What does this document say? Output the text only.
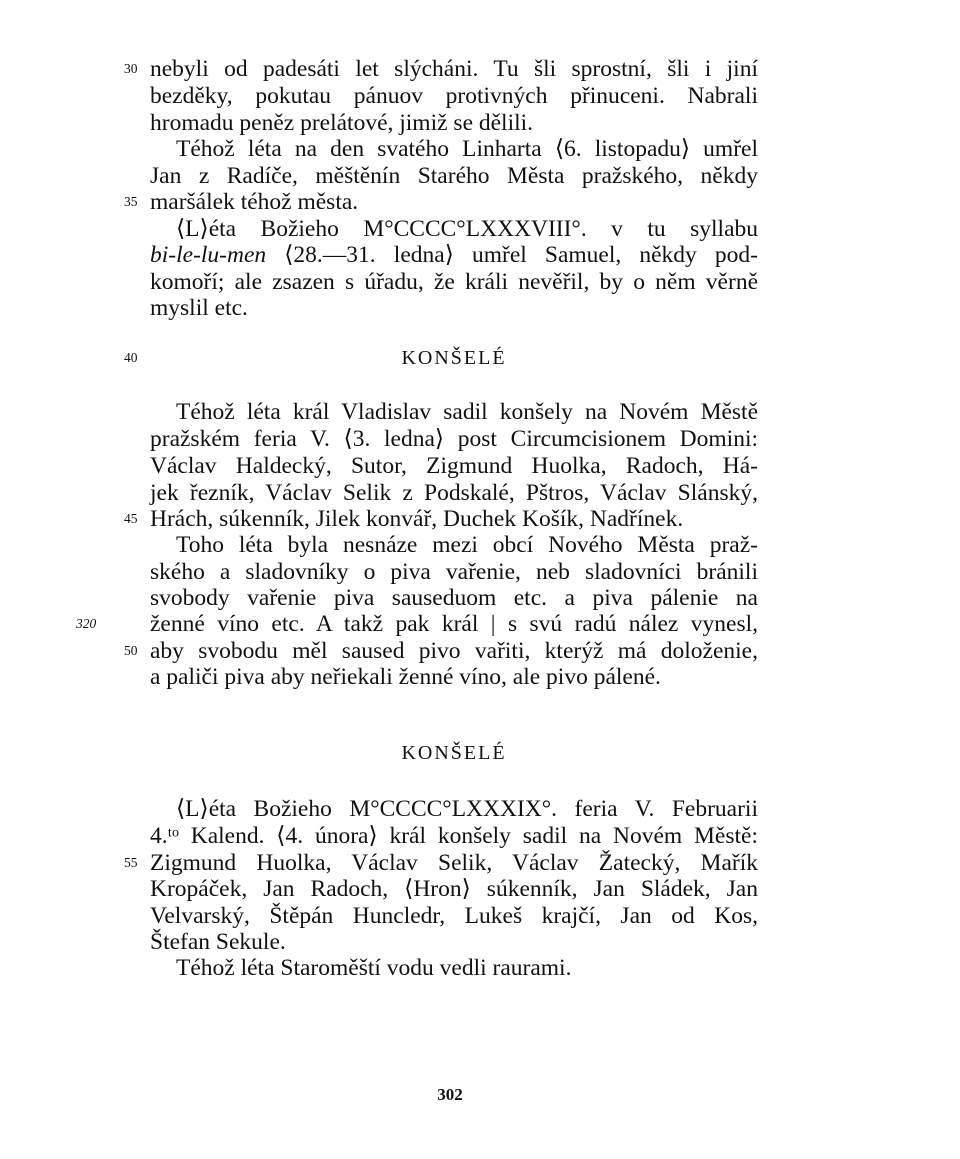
30 nebyli od padesáti let slýcháni. Tu šli sprostní, šli i jiní
bezděky, pokutau pánuov protivných přinuceni. Nabrali
hromadu peněz prelátové, jimiž se dělili.
Téhož léta na den svatého Linharta ⟨6. listopadu⟩ umřel
Jan z Radíče, měštěnín Starého Města pražského, někdy
35 maršálek téhož města.
⟨L⟩éta Božieho M°CCCC°LXXXVIII°. v tu syllabu
bi-le-lu-men ⟨28.—31. ledna⟩ umřel Samuel, někdy pod-
komoří; ale zsazen s úřadu, že králi nevěřil, by o něm věrně
myslil etc.
40	KONŠELÉ
Téhož léta král Vladislav sadil konšely na Novém Městě
pražském feria V. ⟨3. ledna⟩ post Circumcisionem Domini:
Václav Haldecký, Sutor, Zigmund Huolka, Radoch, Há-
jek řezník, Václav Selik z Podskalé, Pštros, Václav Slánský,
45 Hrách, súkenník, Jilek konvář, Duchek Košík, Nadřínek.
Toho léta byla nesnáze mezi obcí Nového Města praž-
ského a sladovníky o piva vařenie, neb sladovníci bránili
svobody vařenie piva sauseduom etc. a piva pálenie na
320	ženné víno etc. A takž pak král | s svú radú nález vynesl,
50 aby svobodu měl saused pivo vařiti, kterýž má doloženie,
a paliči piva aby neřiekali ženné víno, ale pivo pálené.
KONŠELÉ
⟨L⟩éta Božieho M°CCCC°LXXXIX°. feria V. Februarii
4.ᵗᵒ Kalend. ⟨4. února⟩ král konšely sadil na Novém Městě:
55 Zigmund Huolka, Václav Selik, Václav Žatecký, Mařík
Kropáček, Jan Radoch, ⟨Hron⟩ súkenník, Jan Sládek, Jan
Velvarský, Štěpán Huncledr, Lukeš krajčí, Jan od Kos,
Štefan Sekule.
Téhož léta Staroměští vodu vedli raurami.
302
